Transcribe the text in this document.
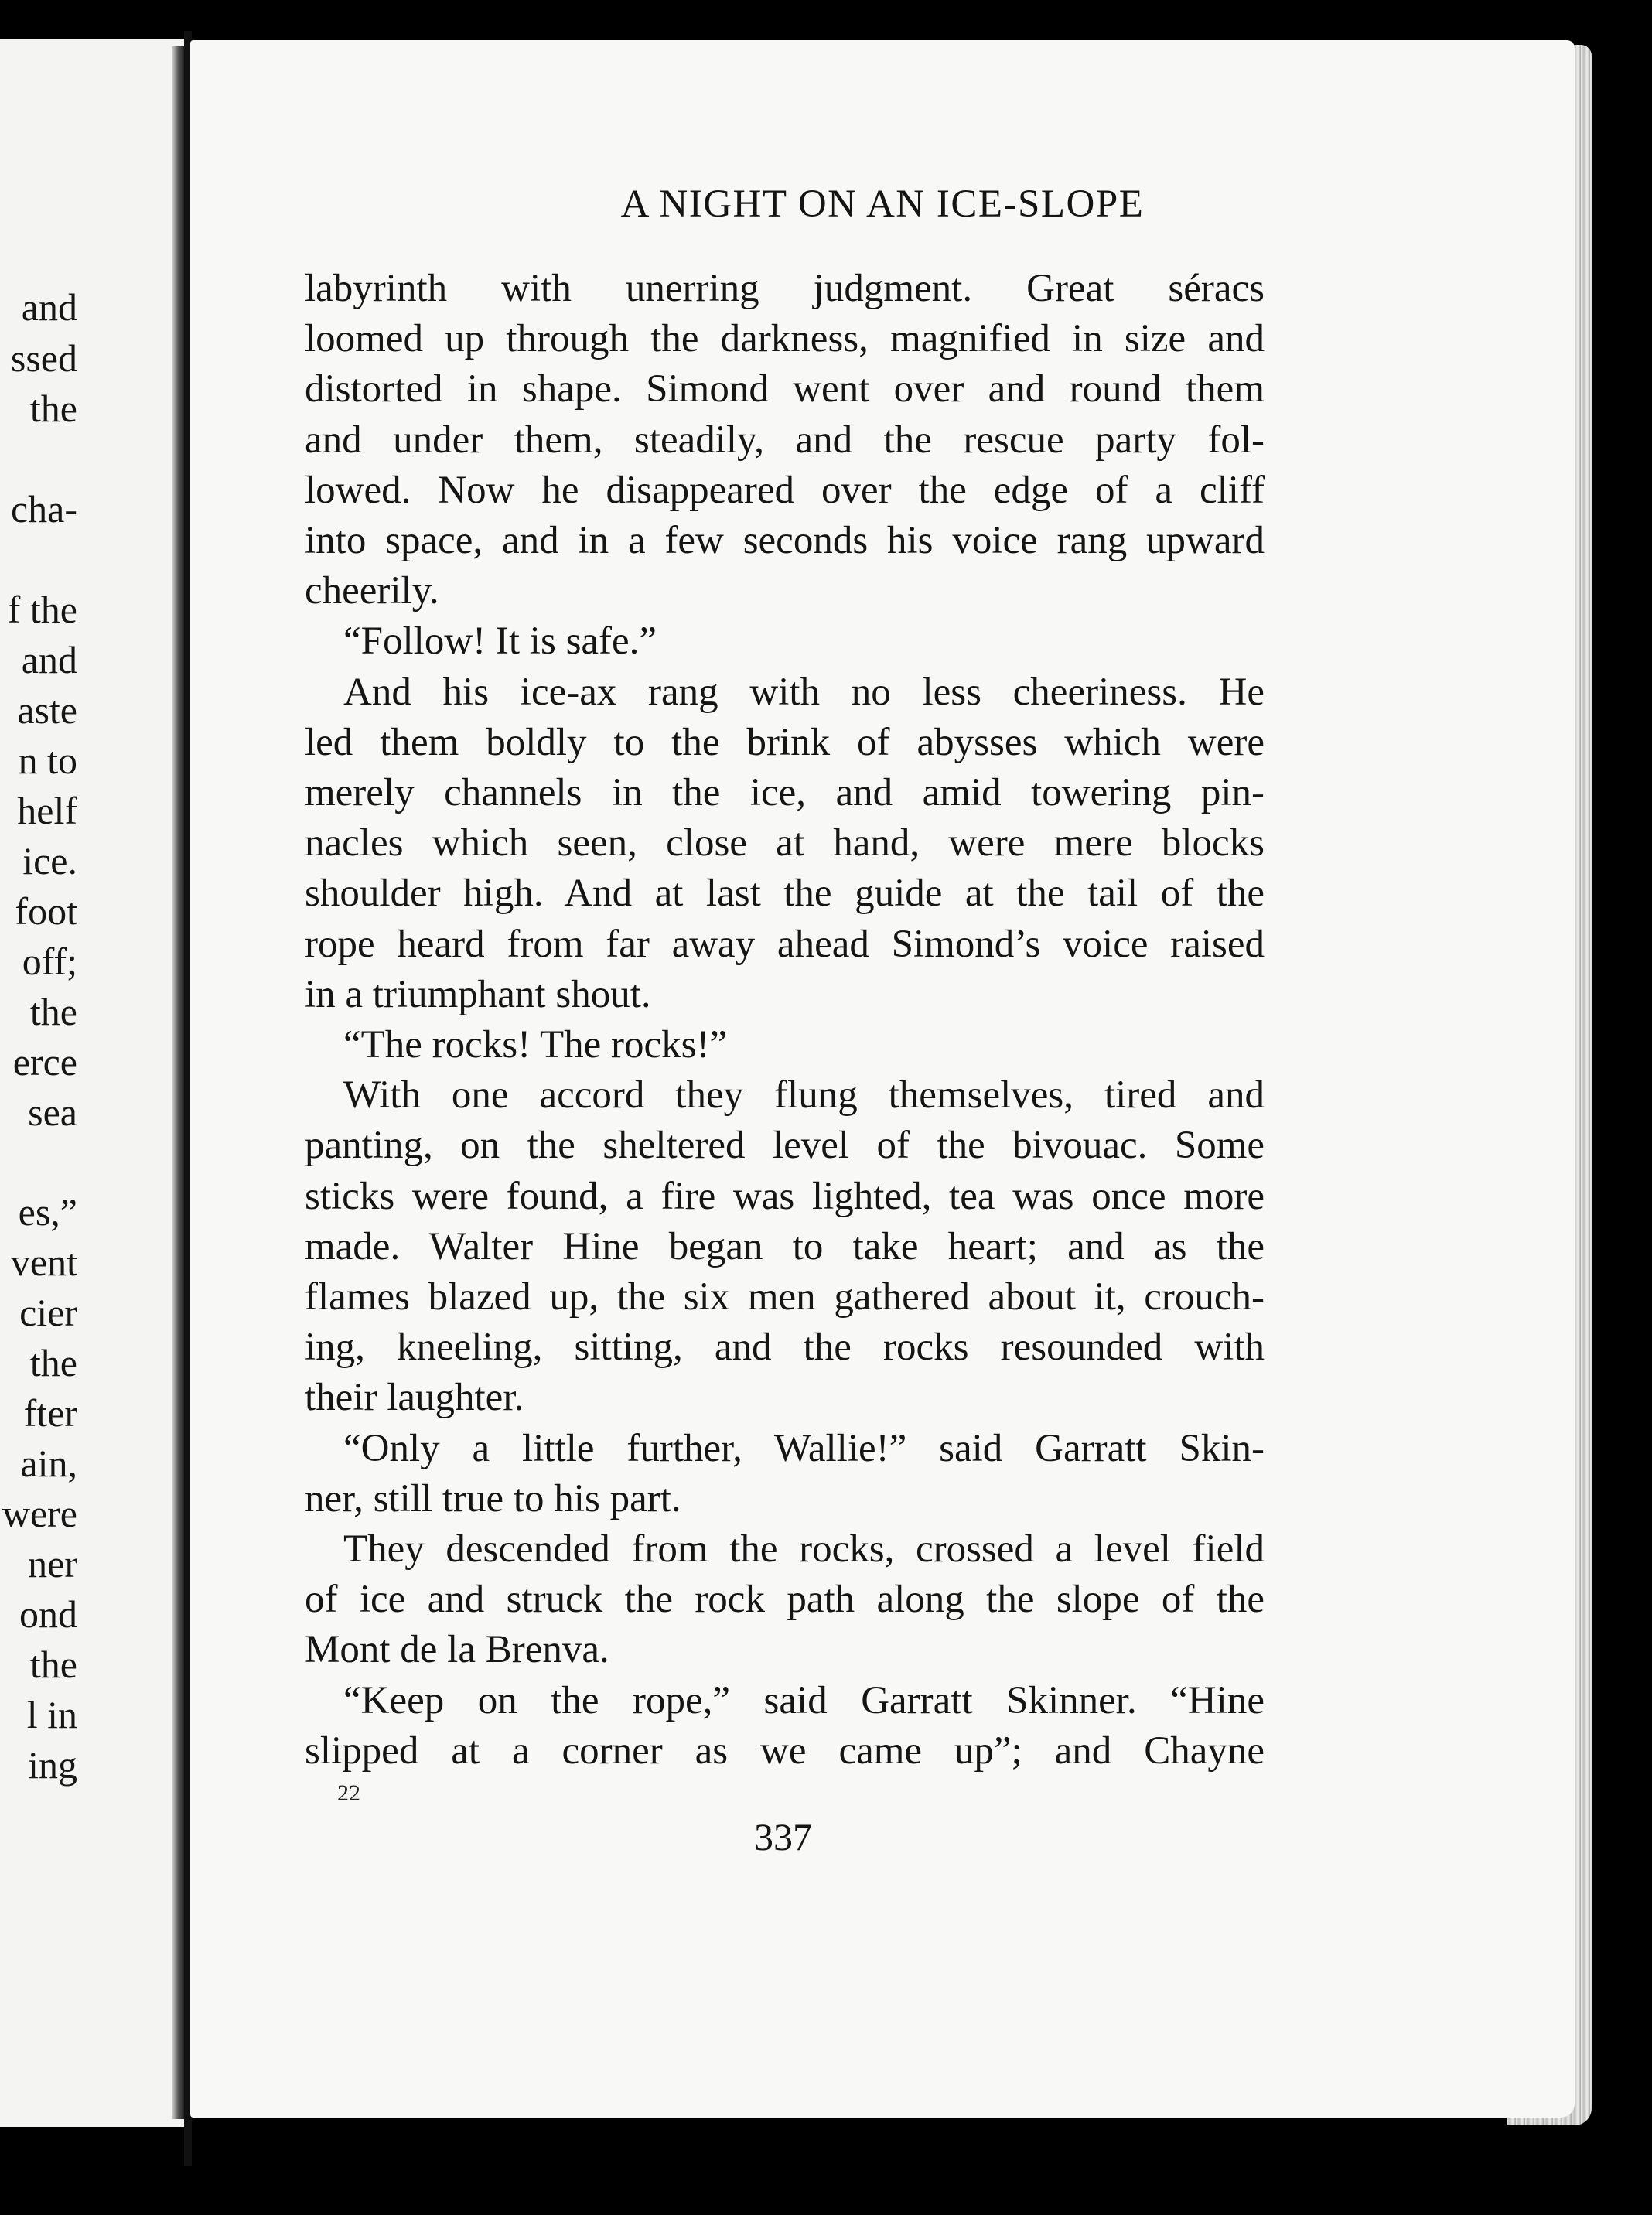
and
ssed
the
cha-
f the
and
aste
n to
helf
ice.
foot
off;
the
erce
sea
es,”
vent
cier
the
fter
ain,
were
ner
ond
the
l in
ing
A NIGHT ON AN ICE-SLOPE
labyrinth with unerring judgment. Great séracs
loomed up through the darkness, magnified in size and
distorted in shape. Simond went over and round them
and under them, steadily, and the rescue party fol-
lowed. Now he disappeared over the edge of a cliff
into space, and in a few seconds his voice rang upward
cheerily.
“Follow! It is safe.”
And his ice-ax rang with no less cheeriness. He
led them boldly to the brink of abysses which were
merely channels in the ice, and amid towering pin-
nacles which seen, close at hand, were mere blocks
shoulder high. And at last the guide at the tail of the
rope heard from far away ahead Simond’s voice raised
in a triumphant shout.
“The rocks! The rocks!”
With one accord they flung themselves, tired and
panting, on the sheltered level of the bivouac. Some
sticks were found, a fire was lighted, tea was once more
made. Walter Hine began to take heart; and as the
flames blazed up, the six men gathered about it, crouch-
ing, kneeling, sitting, and the rocks resounded with
their laughter.
“Only a little further, Wallie!” said Garratt Skin-
ner, still true to his part.
They descended from the rocks, crossed a level field
of ice and struck the rock path along the slope of the
Mont de la Brenva.
“Keep on the rope,” said Garratt Skinner. “Hine
slipped at a corner as we came up”; and Chayne
22
337
